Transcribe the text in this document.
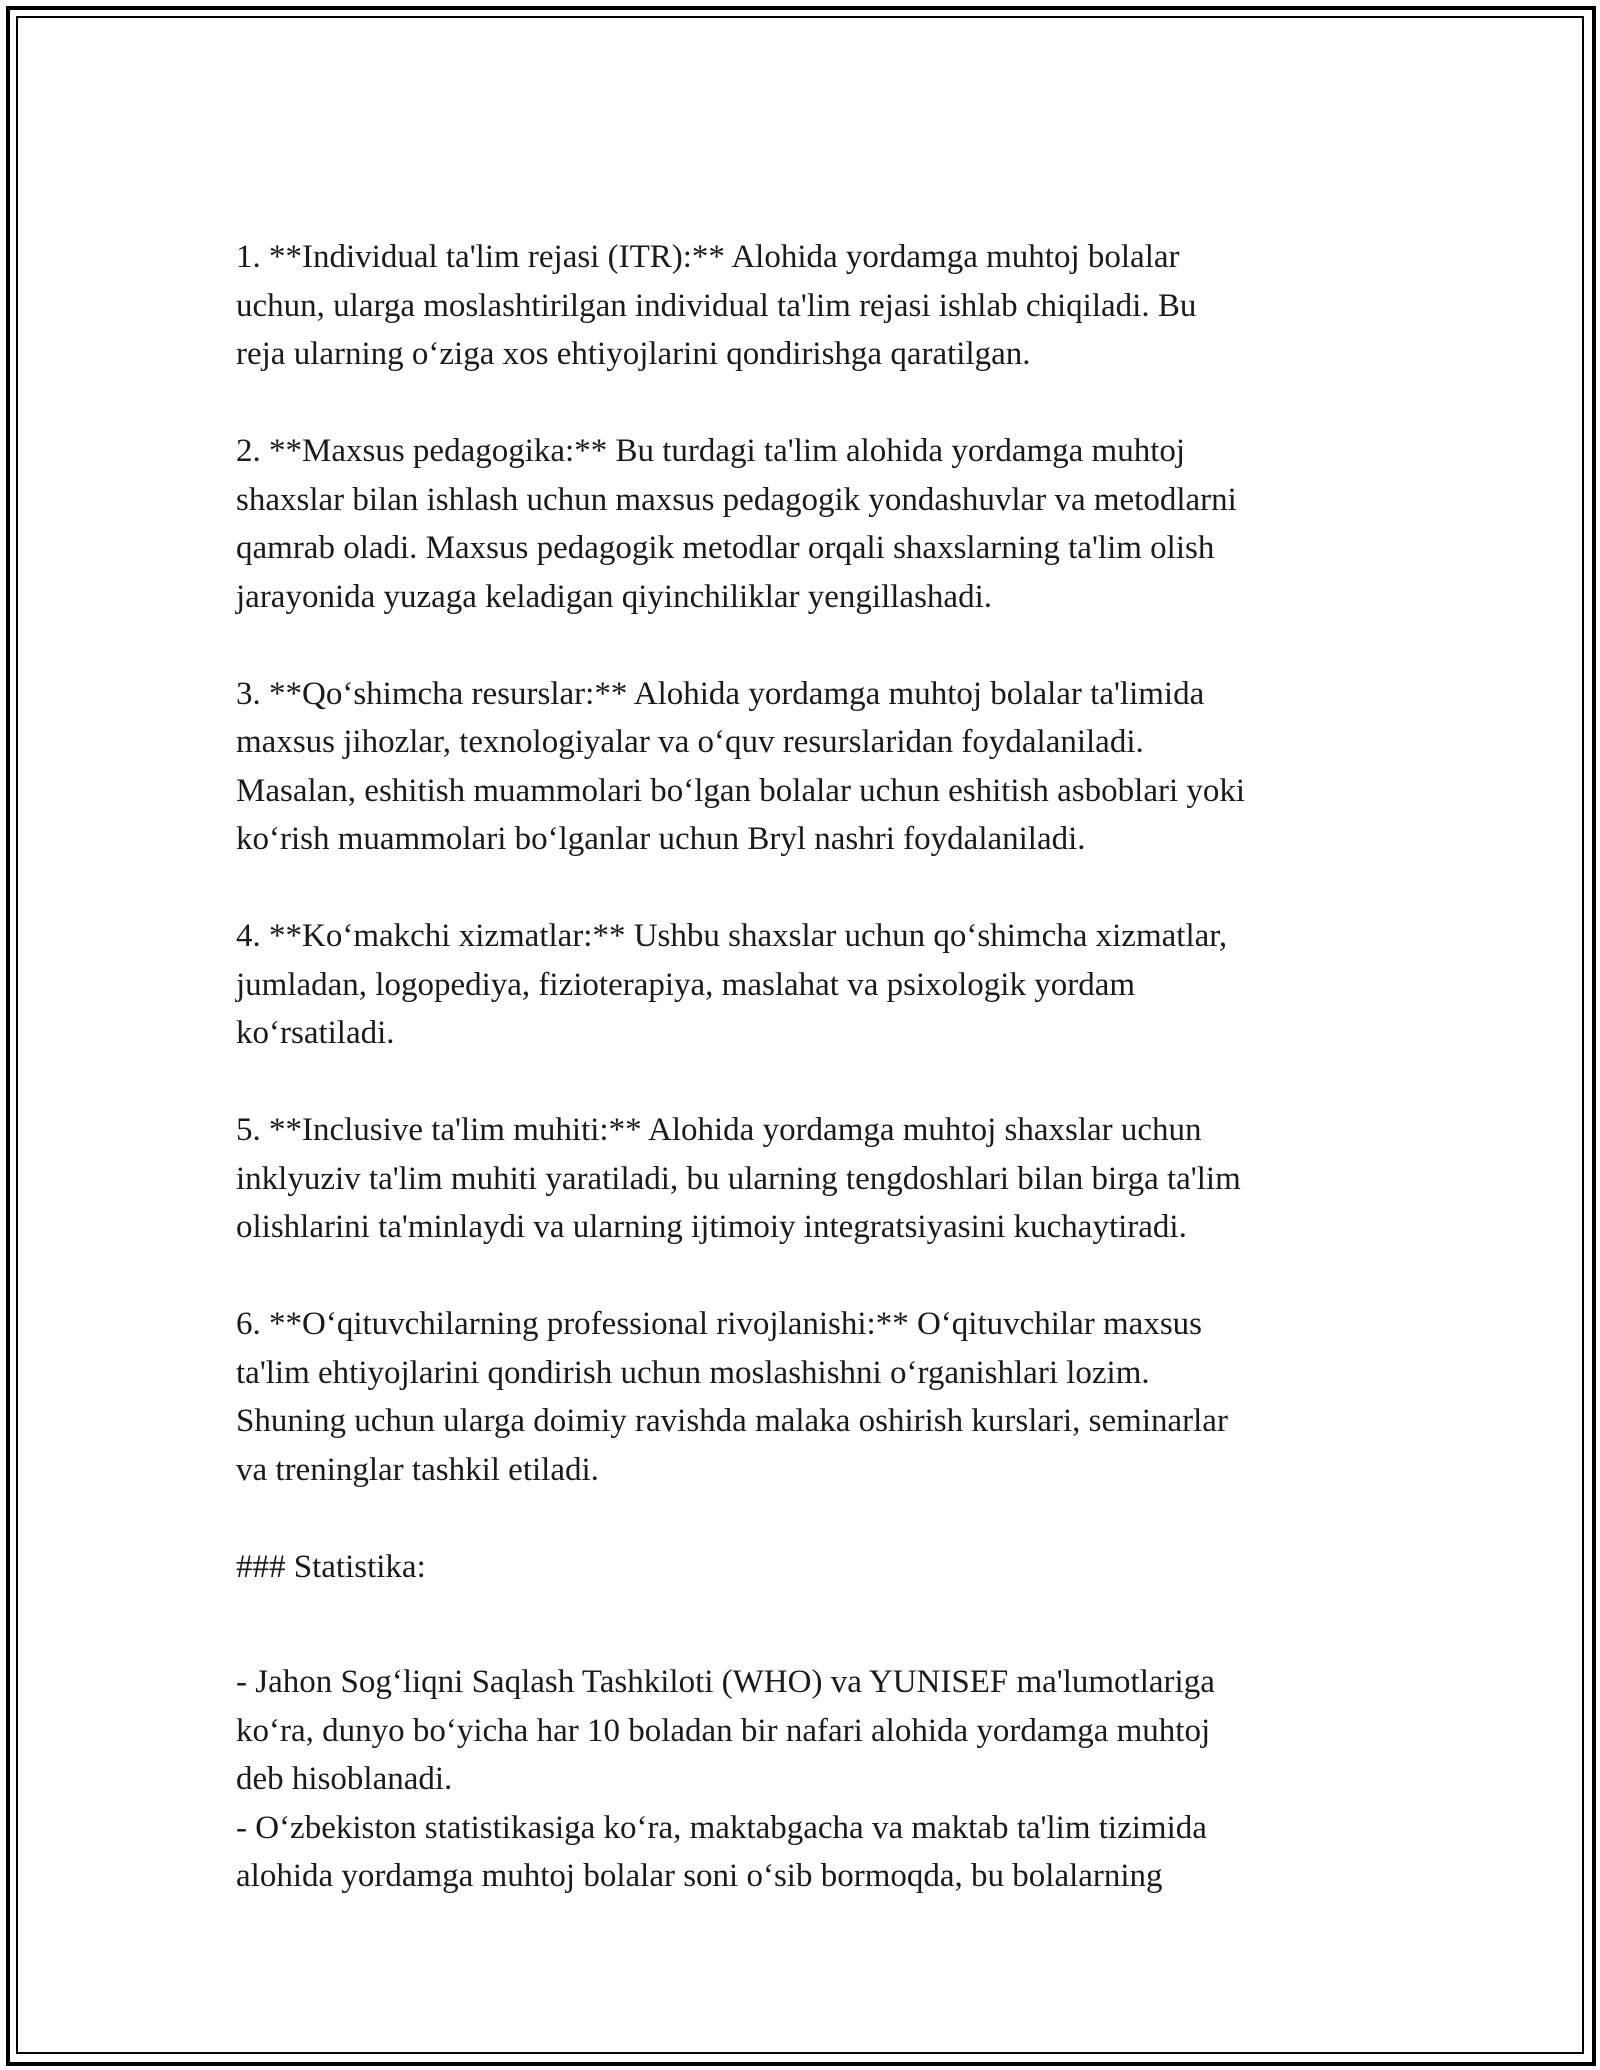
1. **Individual ta'lim rejasi (ITR):** Alohida yordamga muhtoj bolalar
uchun, ularga moslashtirilgan individual ta'lim rejasi ishlab chiqiladi. Bu
reja ularning o‘ziga xos ehtiyojlarini qondirishga qaratilgan.

2. **Maxsus pedagogika:** Bu turdagi ta'lim alohida yordamga muhtoj
shaxslar bilan ishlash uchun maxsus pedagogik yondashuvlar va metodlarni
qamrab oladi. Maxsus pedagogik metodlar orqali shaxslarning ta'lim olish
jarayonida yuzaga keladigan qiyinchiliklar yengillashadi.

3. **Qo‘shimcha resurslar:** Alohida yordamga muhtoj bolalar ta'limida
maxsus jihozlar, texnologiyalar va o‘quv resurslaridan foydalaniladi.
Masalan, eshitish muammolari bo‘lgan bolalar uchun eshitish asboblari yoki
ko‘rish muammolari bo‘lganlar uchun Bryl nashri foydalaniladi.

4. **Ko‘makchi xizmatlar:** Ushbu shaxslar uchun qo‘shimcha xizmatlar,
jumladan, logopediya, fizioterapiya, maslahat va psixologik yordam
ko‘rsatiladi.

5. **Inclusive ta'lim muhiti:** Alohida yordamga muhtoj shaxslar uchun
inklyuziv ta'lim muhiti yaratiladi, bu ularning tengdoshlari bilan birga ta'lim
olishlarini ta'minlaydi va ularning ijtimoiy integratsiyasini kuchaytiradi.

6. **O‘qituvchilarning professional rivojlanishi:** O‘qituvchilar maxsus
ta'lim ehtiyojlarini qondirish uchun moslashishni o‘rganishlari lozim.
Shuning uchun ularga doimiy ravishda malaka oshirish kurslari, seminarlar
va treninglar tashkil etiladi.

### Statistika:

- Jahon Sog‘liqni Saqlash Tashkiloti (WHO) va YUNISEF ma'lumotlariga
ko‘ra, dunyo bo‘yicha har 10 boladan bir nafari alohida yordamga muhtoj
deb hisoblanadi.

- O‘zbekiston statistikasiga ko‘ra, maktabgacha va maktab ta'lim tizimida
alohida yordamga muhtoj bolalar soni o‘sib bormoqda, bu bolalarning
